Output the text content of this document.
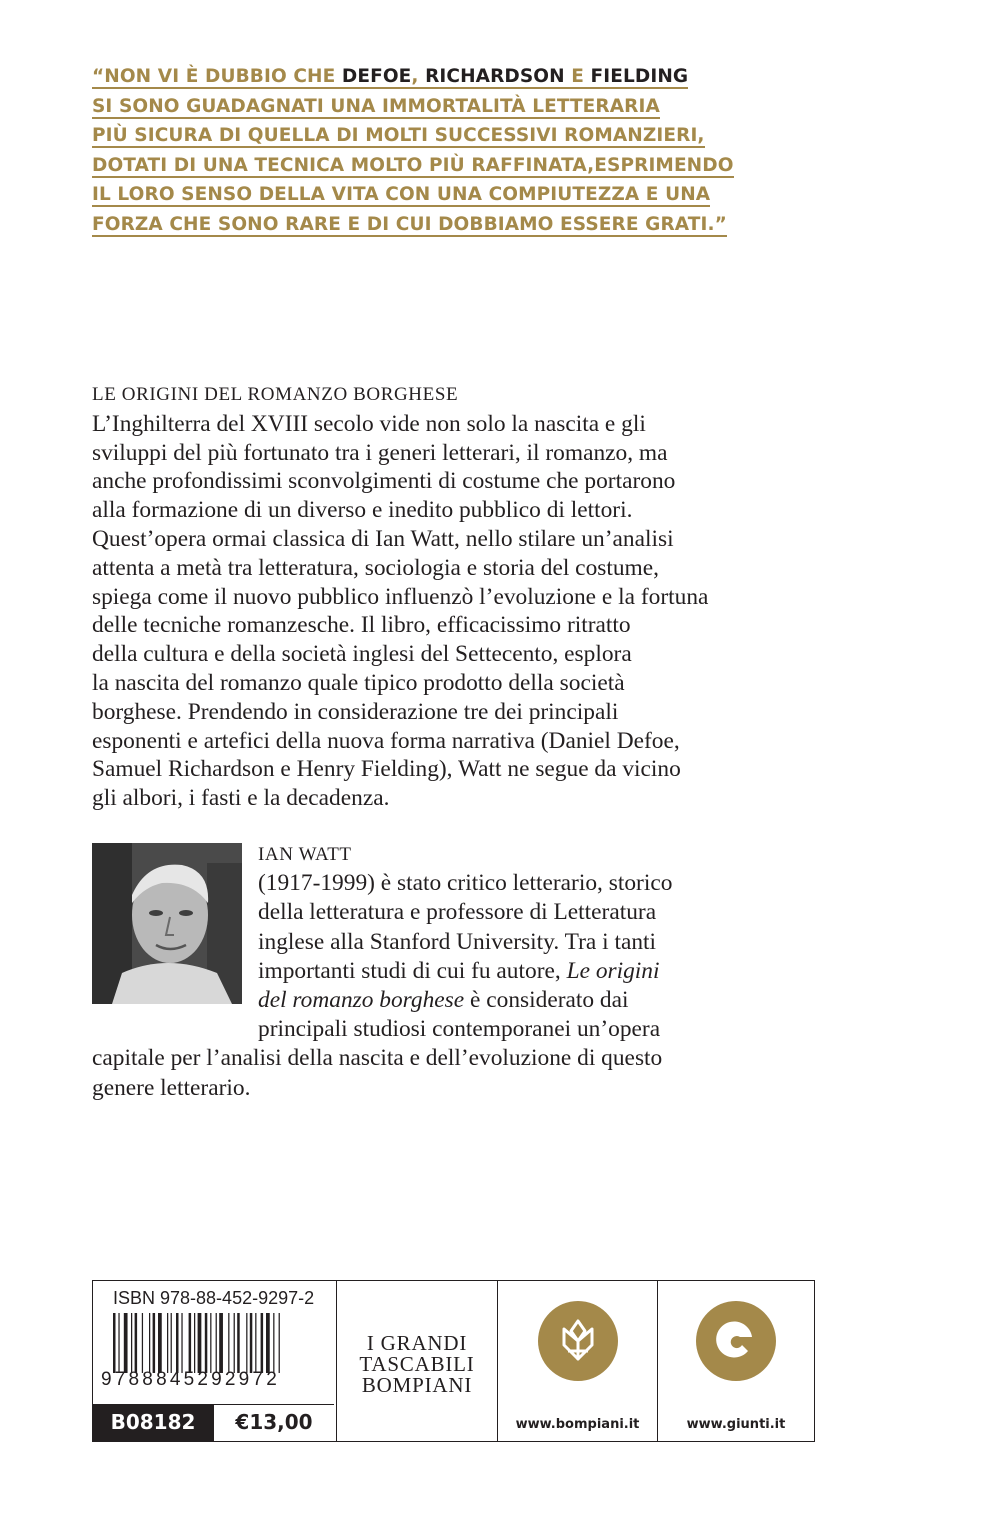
“NON VI È DUBBIO CHE DEFOE, RICHARDSON E FIELDING
SI SONO GUADAGNATI UNA IMMORTALITÀ LETTERARIA
PIÙ SICURA DI QUELLA DI MOLTI SUCCESSIVI ROMANZIERI,
DOTATI DI UNA TECNICA MOLTO PIÙ RAFFINATA,ESPRIMENDO
IL LORO SENSO DELLA VITA CON UNA COMPIUTEZZA E UNA
FORZA CHE SONO RARE E DI CUI DOBBIAMO ESSERE GRATI.”
LE ORIGINI DEL ROMANZO BORGHESE
L’Inghilterra del XVIII secolo vide non solo la nascita e gli
sviluppi del più fortunato tra i generi letterari, il romanzo, ma
anche profondissimi sconvolgimenti di costume che portarono
alla formazione di un diverso e inedito pubblico di lettori.
Quest’opera ormai classica di Ian Watt, nello stilare un’analisi
attenta a metà tra letteratura, sociologia e storia del costume,
spiega come il nuovo pubblico influenzò l’evoluzione e la fortuna
delle tecniche romanzesche. Il libro, efficacissimo ritratto
della cultura e della società inglesi del Settecento, esplora
la nascita del romanzo quale tipico prodotto della società
borghese. Prendendo in considerazione tre dei principali
esponenti e artefici della nuova forma narrativa (Daniel Defoe,
Samuel Richardson e Henry Fielding), Watt ne segue da vicino
gli albori, i fasti e la decadenza.
IAN WATT
(1917-1999) è stato critico letterario, storico
della letteratura e professore di Letteratura
inglese alla Stanford University. Tra i tanti
importanti studi di cui fu autore, Le origini
del romanzo borghese è considerato dai
principali studiosi contemporanei un’opera
capitale per l’analisi della nascita e dell’evoluzione di questo
genere letterario.
ISBN 978-88-452-9297-2
9788845292972
B08182	€13,00
I GRANDI
TASCABILI
BOMPIANI
www.bompiani.it	www.giunti.it
